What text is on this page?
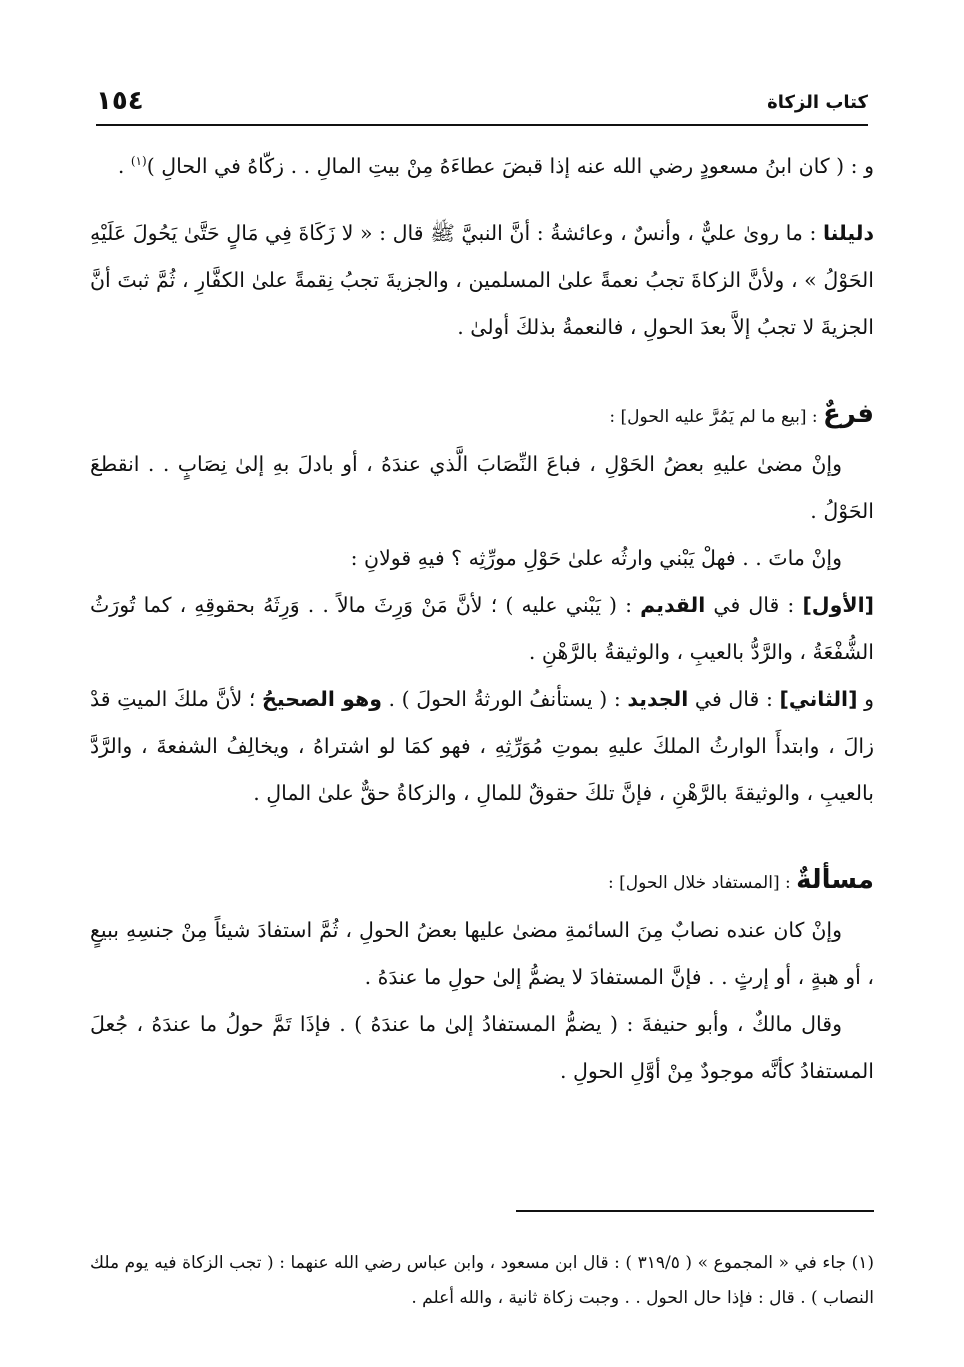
كتاب الزكاة
١٥٤

و : ( كان ابنُ مسعودٍ رضي الله عنه إذا قبضَ عطاءَهُ مِنْ بيتِ المالِ . . زكّاهُ في الحالِ )$^{(١)}$ .

دليلنا : ما روىٰ عليٌّ ، وأنسٌ ، وعائشةُ : أنَّ النبيَّ ﷺ قال : « لا زَكَاةَ فِي مَالٍ حَتَّىٰ يَحُولَ عَلَيْهِ الحَوْلُ » ، ولأنَّ الزكاةَ تجبُ نعمةً علىٰ المسلمين ، والجزيةَ تجبُ نِقمةً علىٰ الكفَّارِ ، ثُمَّ ثبتَ أنَّ الجزيةَ لا تجبُ إلاَّ بعدَ الحولِ ، فالنعمةُ بذلكَ أولىٰ .

فرعٌ : [بيع ما لم يَمُرَّ عليه الحول] :

وإنْ مضىٰ عليهِ بعضُ الحَوْلِ ، فباعَ النِّصَابَ الَّذي عندَهُ ، أو بادلَ بهِ إلىٰ نِصَابٍ . . انقطعَ الحَوْلُ .

وإنْ ماتَ . . فهلْ يَبْني وارثُه علىٰ حَوْلِ مورِّثِه ؟ فيهِ قولانِ :

[الأول] : قال في القديم : ( يَبْني عليه ) ؛ لأنَّ مَنْ وَرِثَ مالاً . . وَرِثَهُ بحقوقِهِ ، كما تُورَثُ الشُّفْعَةُ ، والرَّدُّ بالعيبِ ، والوثيقةُ بالرَّهْنِ .

و [الثاني] : قال في الجديد : ( يستأنفُ الورثةُ الحولَ ) . وهو الصحيحُ ؛ لأنَّ ملكَ الميتِ قدْ زالَ ، وابتدأَ الوارثُ الملكَ عليهِ بموتِ مُوَرِّثِهِ ، فهو كمَا لو اشتراهُ ، ويخالِفُ الشفعةَ ، والرَّدَّ بالعيبِ ، والوثيقةَ بالرَّهْنِ ، فإنَّ تلكَ حقوقٌ للمالِ ، والزكاةُ حقٌّ علىٰ المالِ .

مسألةٌ : [المستفاد خلال الحول] :

وإنْ كان عنده نصابٌ مِنَ السائمةِ مضىٰ عليها بعضُ الحولِ ، ثُمَّ استفادَ شيئاً مِنْ جنسِهِ ببيعٍ ، أو هبةٍ ، أو إرثٍ . . فإنَّ المستفادَ لا يضمُّ إلىٰ حولِ ما عندَهُ .

وقال مالكٌ ، وأبو حنيفةَ : ( يضمُّ المستفادُ إلىٰ ما عندَهُ ) . فإذَا تَمَّ حولُ ما عندَهُ ، جُعلَ المستفادُ كأنَّه موجودٌ مِنْ أوَّلِ الحولِ .

(١) جاء في « المجموع » ( ٣١٩/٥ ) : قال ابن مسعود ، وابن عباس رضي الله عنهما : ( تجب الزكاة فيه يوم ملك النصاب ) . قال : فإذا حال الحول . . وجبت زكاة ثانية ، والله أعلم .
